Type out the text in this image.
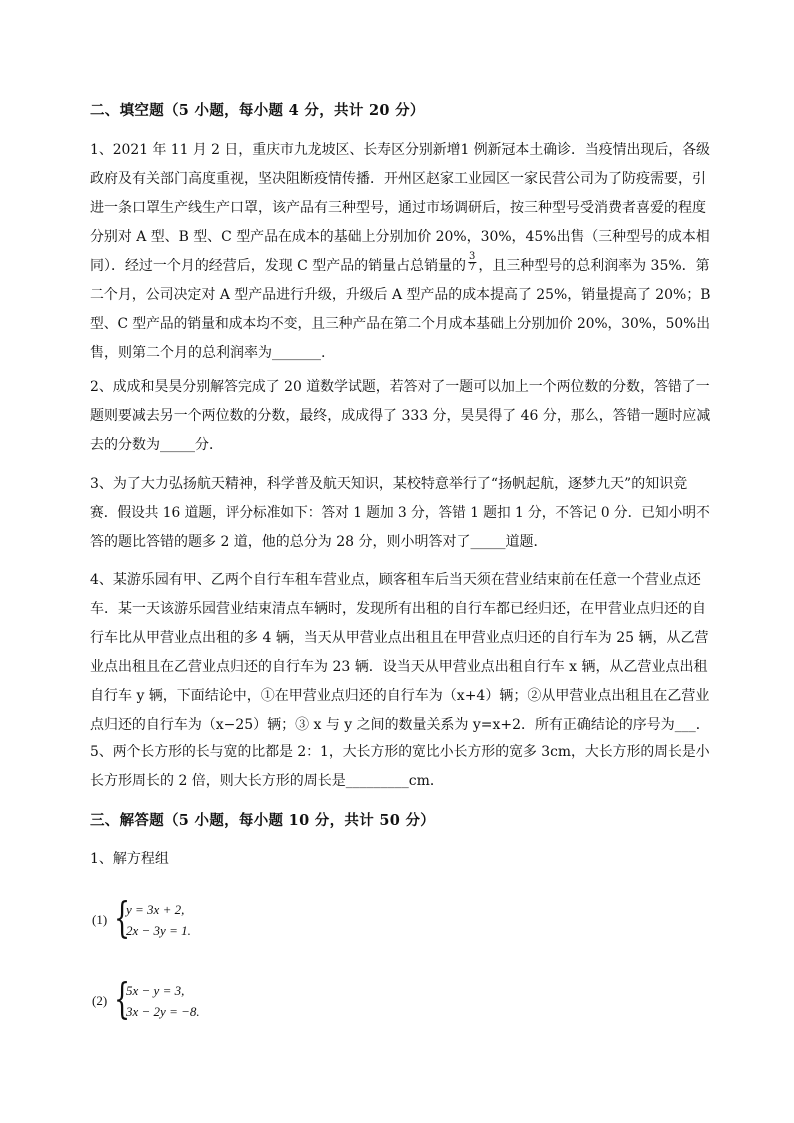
二、填空题（5 小题，每小题 4 分，共计 20 分）
1、2021 年 11 月 2 日，重庆市九龙坡区、长寿区分别新增1 例新冠本土确诊．当疫情出现后，各级
政府及有关部门高度重视，坚决阻断疫情传播．开州区赵家工业园区一家民营公司为了防疫需要，引
进一条口罩生产线生产口罩，该产品有三种型号，通过市场调研后，按三种型号受消费者喜爱的程度
分别对 A 型、B 型、C 型产品在成本的基础上分别加价 20%，30%，45%出售（三种型号的成本相
同）．经过一个月的经营后，发现 C 型产品的销量占总销量的 $\frac{3}{7}$ ，且三种型号的总利润率为 35%．第
二个月，公司决定对 A 型产品进行升级，升级后 A 型产品的成本提高了 25%，销量提高了 20%；B
型、C 型产品的销量和成本均不变，且三种产品在第二个月成本基础上分别加价 20%，30%，50%出
售，则第二个月的总利润率为_______.
2、成成和昊昊分别解答完成了 20 道数学试题，若答对了一题可以加上一个两位数的分数，答错了一
题则要减去另一个两位数的分数，最终，成成得了 333 分，昊昊得了 46 分，那么，答错一题时应减
去的分数为_____分．
3、为了大力弘扬航天精神，科学普及航天知识，某校特意举行了“扬帆起航，逐梦九天”的知识竞
赛．假设共 16 道题，评分标准如下：答对 1 题加 3 分，答错 1 题扣 1 分，不答记 0 分．已知小明不
答的题比答错的题多 2 道，他的总分为 28 分，则小明答对了_____道题．
4、某游乐园有甲、乙两个自行车租车营业点，顾客租车后当天须在营业结束前在任意一个营业点还
车．某一天该游乐园营业结束清点车辆时，发现所有出租的自行车都已经归还，在甲营业点归还的自
行车比从甲营业点出租的多 4 辆，当天从甲营业点出租且在甲营业点归还的自行车为 25 辆，从乙营
业点出租且在乙营业点归还的自行车为 23 辆．设当天从甲营业点出租自行车 x 辆，从乙营业点出租
自行车 y 辆，下面结论中，①在甲营业点归还的自行车为（x+4）辆；②从甲营业点出租且在乙营业
点归还的自行车为（x−25）辆；③ x 与 y 之间的数量关系为 y=x+2．所有正确结论的序号为___．
5、两个长方形的长与宽的比都是 2：1，大长方形的宽比小长方形的宽多 3cm，大长方形的周长是小
长方形周长的 2 倍，则大长方形的周长是_________cm．
三、解答题（5 小题，每小题 10 分，共计 50 分）
1、解方程组
(1) {
y = 3x + 2,
2x − 3y = 1.
(2) {
5x − y = 3,
3x − 2y = −8.
